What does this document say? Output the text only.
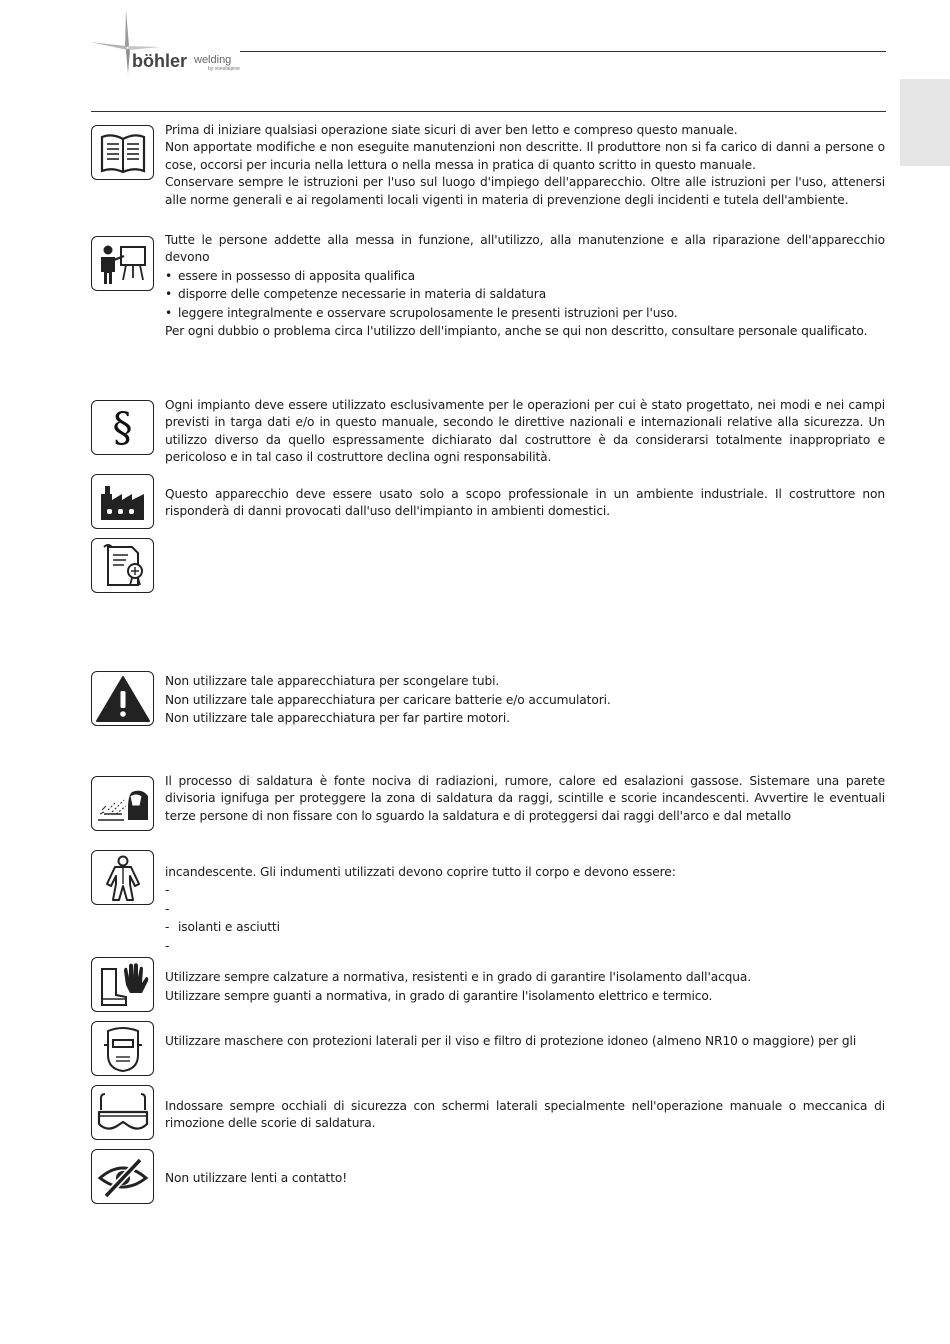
böhler welding
by voestalpine

Prima di iniziare qualsiasi operazione siate sicuri di aver ben letto e compreso questo manuale.

Non apportate modifiche e non eseguite manutenzioni non descritte. Il produttore non si fa carico di danni a persone o cose, occorsi per incuria nella lettura o nella messa in pratica di quanto scritto in questo manuale.

Conservare sempre le istruzioni per l'uso sul luogo d'impiego dell'apparecchio. Oltre alle istruzioni per l'uso, attenersi alle norme generali e ai regolamenti locali vigenti in materia di prevenzione degli incidenti e tutela dell'ambiente.

Tutte le persone addette alla messa in funzione, all'utilizzo, alla manutenzione e alla riparazione dell'apparecchio devono

• essere in possesso di apposita qualifica
• disporre delle competenze necessarie in materia di saldatura
• leggere integralmente e osservare scrupolosamente le presenti istruzioni per l'uso.

Per ogni dubbio o problema circa l'utilizzo dell'impianto, anche se qui non descritto, consultare personale qualificato.

§	Ogni impianto deve essere utilizzato esclusivamente per le operazioni per cui è stato progettato, nei modi e nei campi previsti in targa dati e/o in questo manuale, secondo le direttive nazionali e internazionali relative alla sicurezza. Un utilizzo diverso da quello espressamente dichiarato dal costruttore è da considerarsi totalmente inappropriato e pericoloso e in tal caso il costruttore declina ogni responsabilità.

Questo apparecchio deve essere usato solo a scopo professionale in un ambiente industriale. Il costruttore non risponderà di danni provocati dall'uso dell'impianto in ambienti domestici.

Non utilizzare tale apparecchiatura per scongelare tubi.

Non utilizzare tale apparecchiatura per caricare batterie e/o accumulatori.

Non utilizzare tale apparecchiatura per far partire motori.

Il processo di saldatura è fonte nociva di radiazioni, rumore, calore ed esalazioni gassose. Sistemare una parete divisoria ignifuga per proteggere la zona di saldatura da raggi, scintille e scorie incandescenti. Avvertire le eventuali terze persone di non fissare con lo sguardo la saldatura e di proteggersi dai raggi dell'arco e dal metallo

incandescente. Gli indumenti utilizzati devono coprire tutto il corpo e devono essere:

-
-
- isolanti e asciutti
-

Utilizzare sempre calzature a normativa, resistenti e in grado di garantire l'isolamento dall'acqua.

Utilizzare sempre guanti a normativa, in grado di garantire l'isolamento elettrico e termico.

Utilizzare maschere con protezioni laterali per il viso e filtro di protezione idoneo (almeno NR10 o maggiore) per gli

Indossare sempre occhiali di sicurezza con schermi laterali specialmente nell'operazione manuale o meccanica di rimozione delle scorie di saldatura.

Non utilizzare lenti a contatto!
